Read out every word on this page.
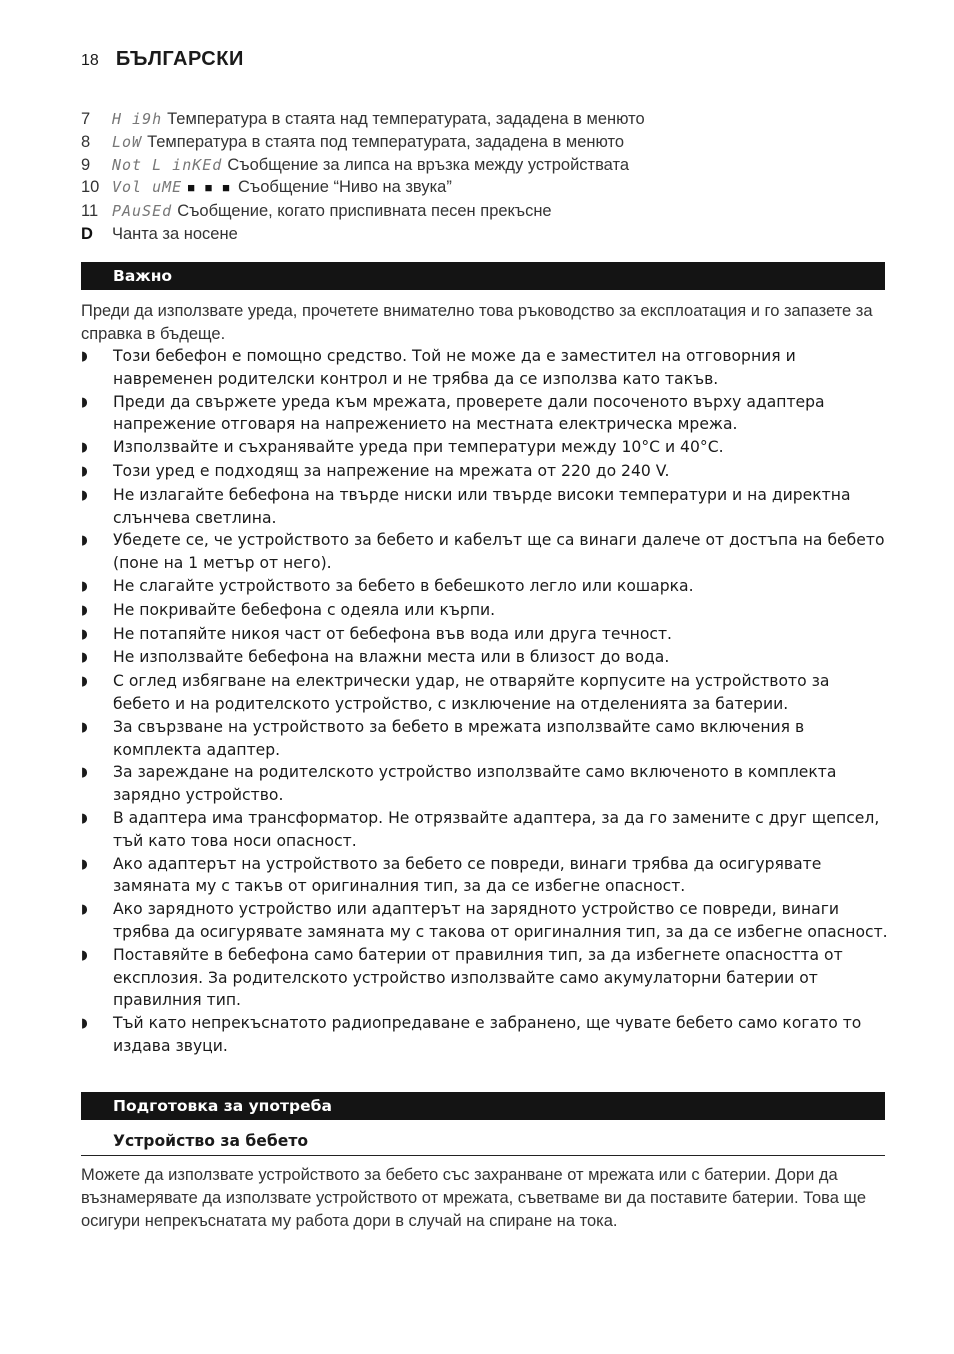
18 БЪЛГАРСКИ
7	H i9h Температура в стаята над температурата, зададена в менюто
8	LoW Температура в стаята под температурата, зададена в менюто
9	Not L inKEd Съобщение за липса на връзка между устройствата
10 Vol uME ■ ■ ■ Съобщение “Ниво на звука”
11 PAuSEd Съобщение, когато приспивната песен прекъсне
D	Чанта за носене
Важно
Преди да използвате уреда, прочетете внимателно това ръководство за експлоатация и го запазете за справка в бъдеще.
◗	Този бебефон е помощно средство. Той не може да е заместител на отговорния и навременен родителски контрол и не трябва да се използва като такъв.
◗	Преди да свържете уреда към мрежата, проверете дали посоченото върху адаптера напрежение отговаря на напрежението на местната електрическа мрежа.
◗	Използвайте и съхранявайте уреда при температури между 10°C и 40°C.
◗	Този уред е подходящ за напрежение на мрежата от 220 до 240 V.
◗	Не излагайте бебефона на твърде ниски или твърде високи температури и на директна слънчева светлина.
◗	Убедете се, че устройството за бебето и кабелът ще са винаги далече от достъпа на бебето (поне на 1 метър от него).
◗	Не слагайте устройството за бебето в бебешкото легло или кошарка.
◗	Не покривайте бебефона с одеяла или кърпи.
◗	Не потапяйте никоя част от бебефона във вода или друга течност.
◗	Не използвайте бебефона на влажни места или в близост до вода.
◗	С оглед избягване на електрически удар, не отваряйте корпусите на устройството за бебето и на родителското устройство, с изключение на отделенията за батерии.
◗	За свързване на устройството за бебето в мрежата използвайте само включения в комплекта адаптер.
◗	За зареждане на родителското устройство използвайте само включеното в комплекта зарядно устройство.
◗	В адаптера има трансформатор. Не отрязвайте адаптера, за да го замените с друг щепсел, тъй като това носи опасност.
◗	Ако адаптерът на устройството за бебето се повреди, винаги трябва да осигурявате замяната му с такъв от оригиналния тип, за да се избегне опасност.
◗	Ако зарядното устройство или адаптерът на зарядното устройство се повреди, винаги трябва да осигурявате замяната му с такова от оригиналния тип, за да се избегне опасност.
◗	Поставяйте в бебефона само батерии от правилния тип, за да избегнете опасността от експлозия. За родителското устройство използвайте само акумулаторни батерии от правилния тип.
◗	Тъй като непрекъснатото радиопредаване е забранено, ще чувате бебето само когато то издава звуци.
Подготовка за употреба
Устройство за бебето
Можете да използвате устройството за бебето със захранване от мрежата или с батерии. Дори да възнамерявате да използвате устройството от мрежата, съветваме ви да поставите батерии. Това ще осигури непрекъснатата му работа дори в случай на спиране на тока.
